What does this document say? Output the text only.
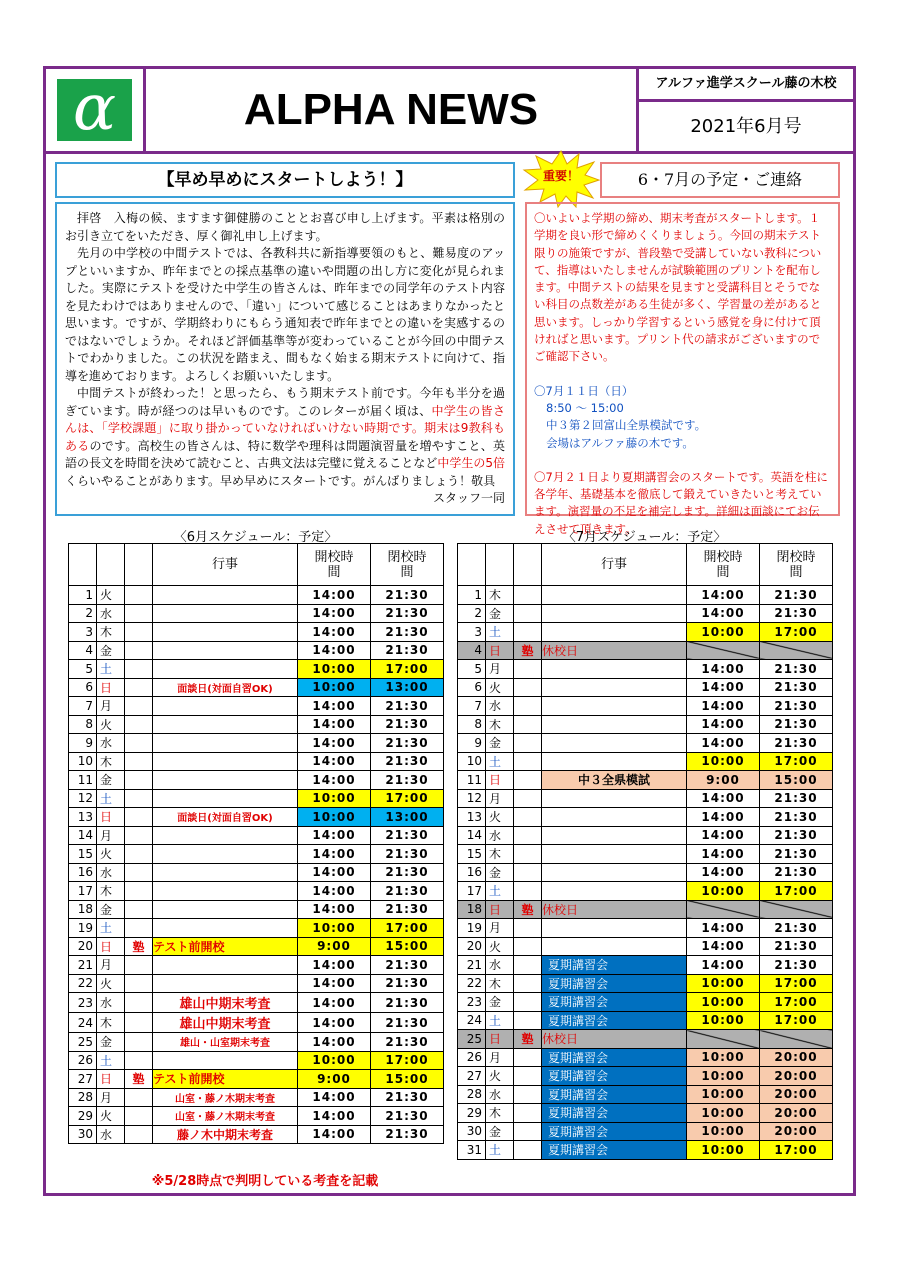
α	ALPHA NEWS
アルファ進学スクール藤の木校
2021年6月号
【早め早めにスタートしよう！】

拝啓　入梅の候、ますます御健勝のこととお喜び申し上げます。平素は格別のお引き立てをいただき、厚く御礼申し上げます。

先月の中学校の中間テストでは、各教科共に新指導要領のもと、難易度のアップといいますか、昨年までとの採点基準の違いや問題の出し方に変化が見られました。実際にテストを受けた中学生の皆さんは、昨年までの同学年のテスト内容を見たわけではありませんので、「違い」について感じることはあまりなかったと思います。ですが、学期終わりにもらう通知表で昨年までとの違いを実感するのではないでしょうか。それほど評価基準等が変わっていることが今回の中間テストでわかりました。この状況を踏まえ、間もなく始まる期末テストに向けて、指導を進めております。よろしくお願いいたします。

中間テストが終わった！と思ったら、もう期末テスト前です。今年も半分を過ぎています。時が経つのは早いものです。このレターが届く頃は、中学生の皆さんは、「学校課題」に取り掛かっていなければいけない時期です。期末は9教科もあるのです。高校生の皆さんは、特に数学や理科は問題演習量を増やすこと、英語の長文を時間を決めて読むこと、古典文法は完璧に覚えることなど中学生の5倍くらいやることがあります。早め早めにスタートです。がんばりましょう！敬具

スタッフ一同
重要！	6・7月の予定・ご連絡

〇いよいよ学期の締め、期末考査がスタートします。１学期を良い形で締めくくりましょう。今回の期末テスト限りの施策ですが、普段塾で受講していない教科について、指導はいたしませんが試験範囲のプリントを配布します。中間テストの結果を見ますと受講科目とそうでない科目の点数差がある生徒が多く、学習量の差があると思います。しっかり学習するという感覚を身に付けて頂ければと思います。プリント代の請求がございますのでご確認下さい。

〇7月１１日（日）

8:50 ～ 15:00

中３第２回富山全県模試です。

会場はアルファ藤の木です。

〇7月２１日より夏期講習会のスタートです。英語を柱に各学年、基礎基本を徹底して鍛えていきたいと考えています。演習量の不足を補完します。詳細は面談にてお伝えさせて頂きます。

〈6月スケジュール：予定〉	〈7月スケジュール：予定〉
			行事	開校時間	閉校時間
1	火			14:00	21:30
2	水			14:00	21:30
3	木			14:00	21:30
4	金			14:00	21:30
5	土			10:00	17:00
6	日		面談日(対面自習OK)	10:00	13:00
7	月			14:00	21:30
8	火			14:00	21:30
9	水			14:00	21:30
10	木			14:00	21:30
11	金			14:00	21:30
12	土			10:00	17:00
13	日		面談日(対面自習OK)	10:00	13:00
14	月			14:00	21:30
15	火			14:00	21:30
16	水			14:00	21:30
17	木			14:00	21:30
18	金			14:00	21:30
19	土			10:00	17:00
20	日	塾	テスト前開校	9:00	15:00
21	月			14:00	21:30
22	火			14:00	21:30
23	水		雄山中期末考査	14:00	21:30
24	木		雄山中期末考査	14:00	21:30
25	金		雄山・山室期末考査	14:00	21:30
26	土			10:00	17:00
27	日	塾	テスト前開校	9:00	15:00
28	月		山室・藤ノ木期末考査	14:00	21:30
29	火		山室・藤ノ木期末考査	14:00	21:30
30	水		藤ノ木中期末考査	14:00	21:30
			行事	開校時間	閉校時間
1	木			14:00	21:30
2	金			14:00	21:30
3	土			10:00	17:00
4	日	塾	休校日		
5	月			14:00	21:30
6	火			14:00	21:30
7	水			14:00	21:30
8	木			14:00	21:30
9	金			14:00	21:30
10	土			10:00	17:00
11	日		中３全県模試	9:00	15:00
12	月			14:00	21:30
13	火			14:00	21:30
14	水			14:00	21:30
15	木			14:00	21:30
16	金			14:00	21:30
17	土			10:00	17:00
18	日	塾	休校日		
19	月			14:00	21:30
20	火			14:00	21:30
21	水		夏期講習会	14:00	21:30
22	木		夏期講習会	10:00	17:00
23	金		夏期講習会	10:00	17:00
24	土		夏期講習会	10:00	17:00
25	日	塾	休校日		
26	月		夏期講習会	10:00	20:00
27	火		夏期講習会	10:00	20:00
28	水		夏期講習会	10:00	20:00
29	木		夏期講習会	10:00	20:00
30	金		夏期講習会	10:00	20:00
31	土		夏期講習会	10:00	17:00
※5/28時点で判明している考査を記載
